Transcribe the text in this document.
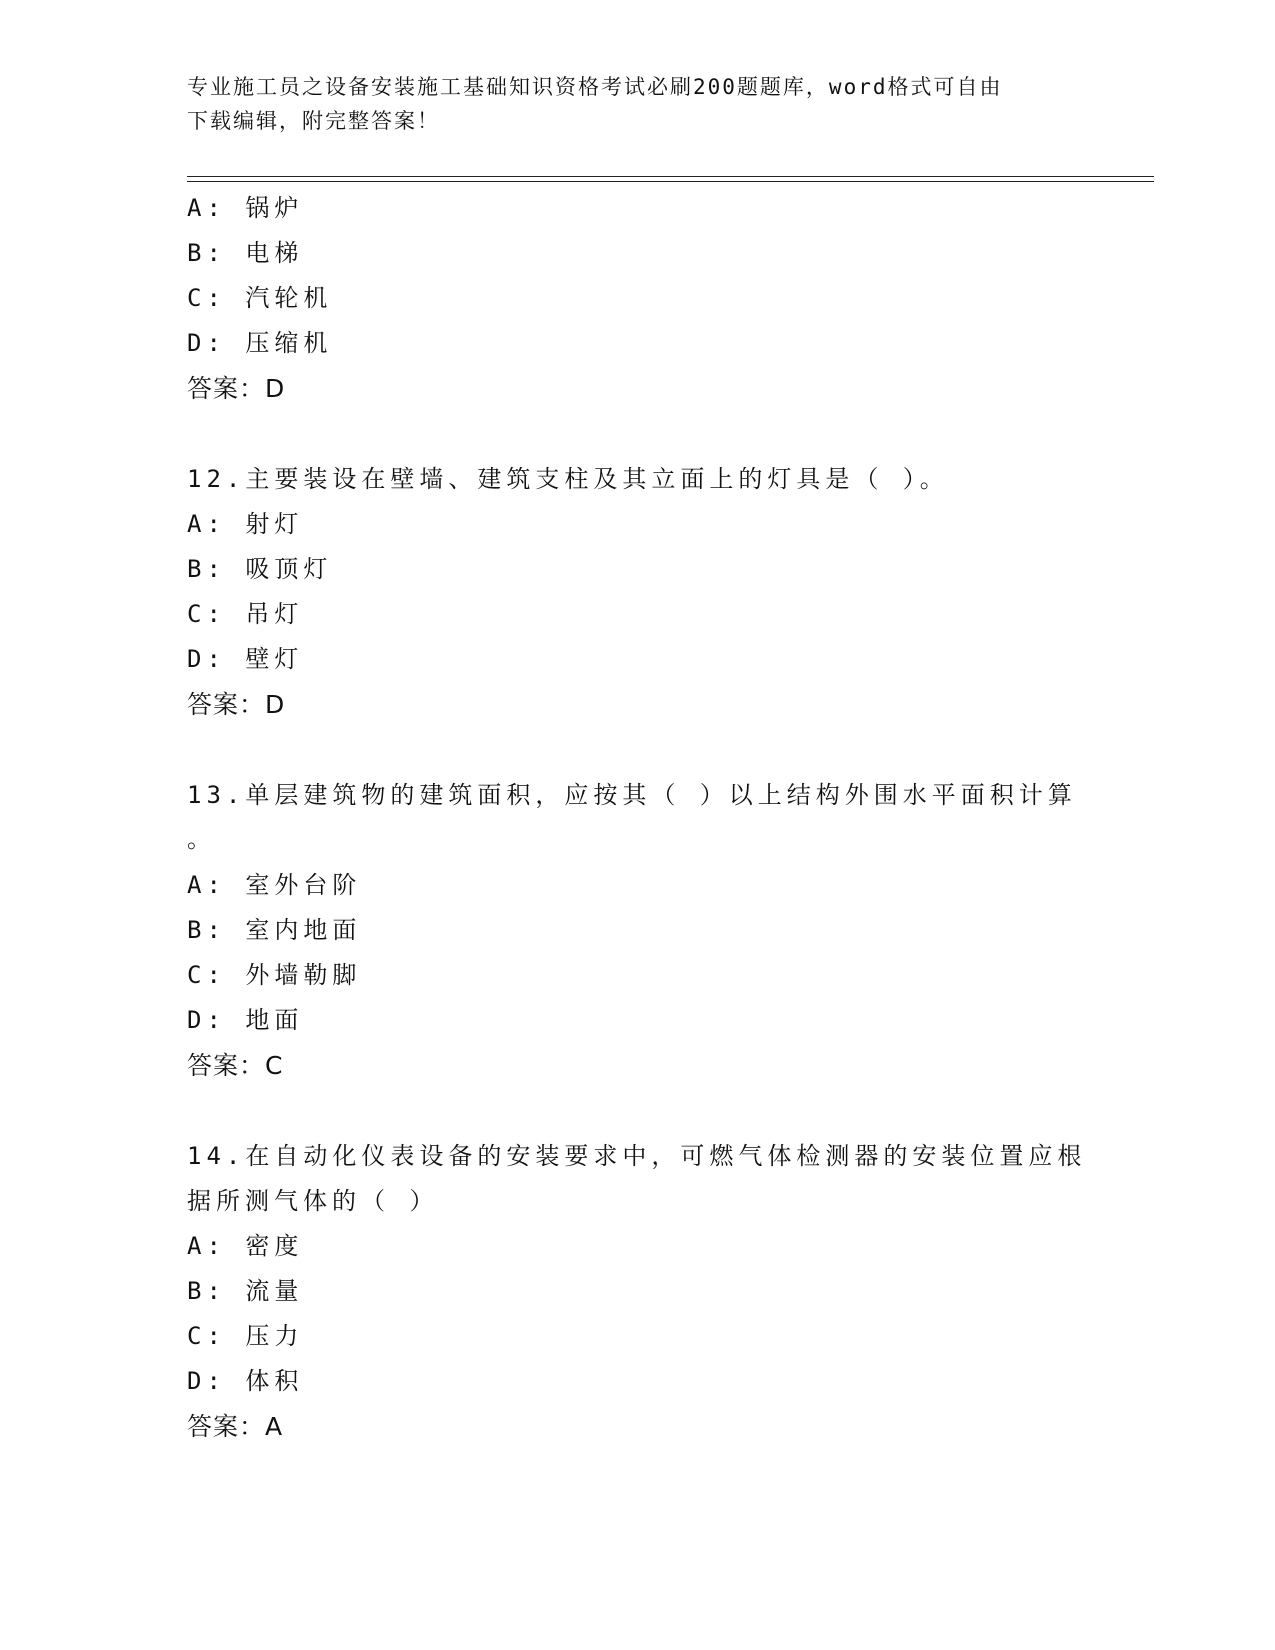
专业施工员之设备安装施工基础知识资格考试必刷200题题库，word格式可自由
下载编辑，附完整答案！
A: 锅炉
B: 电梯
C: 汽轮机
D: 压缩机
答案：D
12.主要装设在壁墙、建筑支柱及其立面上的灯具是（ ）。
A: 射灯
B: 吸顶灯
C: 吊灯
D: 壁灯
答案：D
13.单层建筑物的建筑面积，应按其（ ）以上结构外围水平面积计算
。
A: 室外台阶
B: 室内地面
C: 外墙勒脚
D: 地面
答案：C
14.在自动化仪表设备的安装要求中，可燃气体检测器的安装位置应根
据所测气体的（ ）
A: 密度
B: 流量
C: 压力
D: 体积
答案：A
